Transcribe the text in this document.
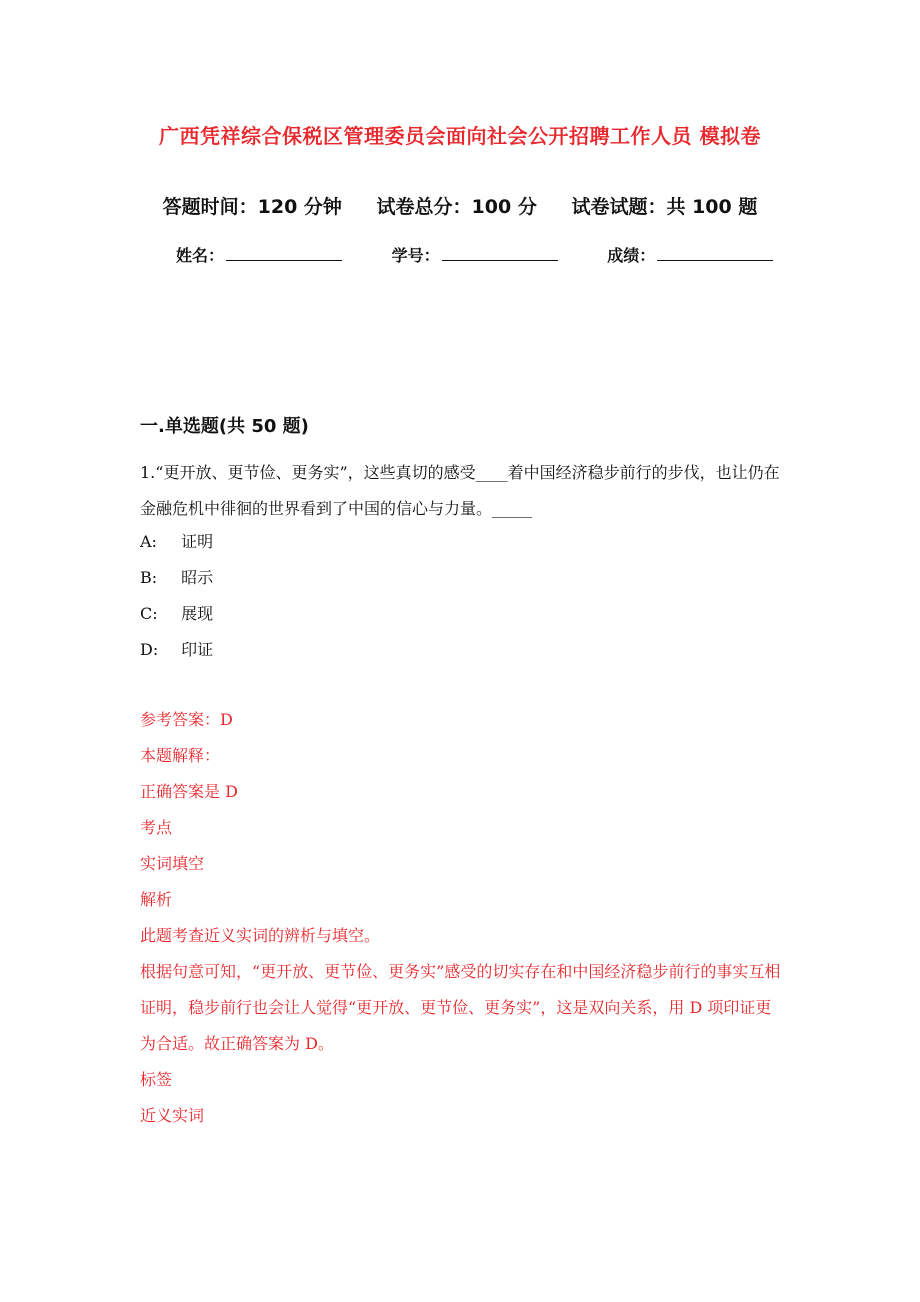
广西凭祥综合保税区管理委员会面向社会公开招聘工作人员 模拟卷
答题时间：120 分钟 试卷总分：100 分 试卷试题：共 100 题
姓名：	学号：	成绩：
一.单选题(共 50 题)
1.“更开放、更节俭、更务实”，这些真切的感受____着中国经济稳步前行的步伐，也让仍在金融危机中徘徊的世界看到了中国的信心与力量。_____
A: 证明
B: 昭示
C: 展现
D: 印证
参考答案：D
本题解释：
正确答案是 D
考点
实词填空
解析
此题考查近义实词的辨析与填空。
根据句意可知，“更开放、更节俭、更务实”感受的切实存在和中国经济稳步前行的事实互相证明，稳步前行也会让人觉得“更开放、更节俭、更务实”，这是双向关系，用 D 项印证更为合适。故正确答案为 D。
标签
近义实词
